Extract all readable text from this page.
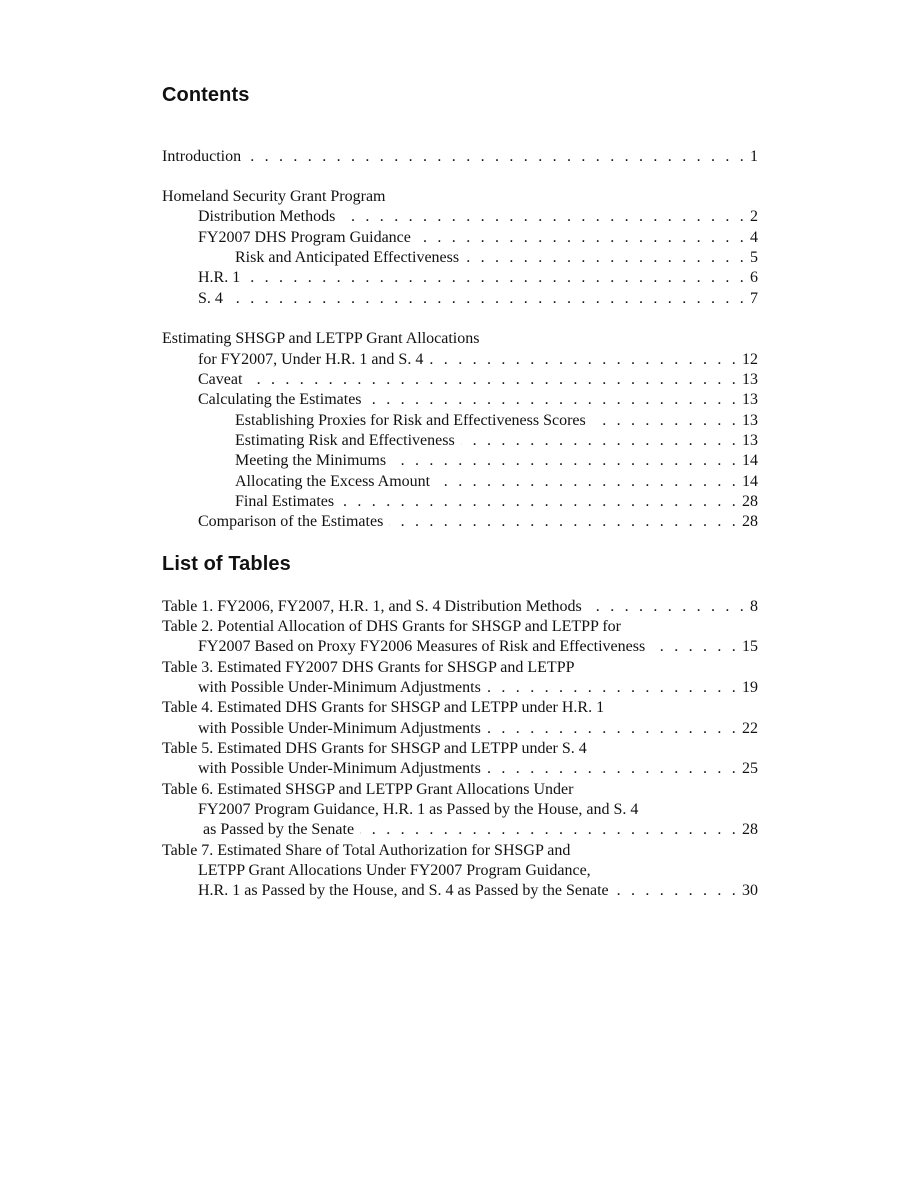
Contents
Introduction . . .	1
Homeland Security Grant Program
Distribution Methods . . .	2
FY2007 DHS Program Guidance . . .	4
Risk and Anticipated Effectiveness . . .	5
H.R. 1 . . .	6
S. 4 . . .	7
Estimating SHSGP and LETPP Grant Allocations
for FY2007, Under H.R. 1 and S. 4 . . .	12
Caveat . . .	13
Calculating the Estimates . . .	13
Establishing Proxies for Risk and Effectiveness Scores . . .	13
Estimating Risk and Effectiveness . . .	13
Meeting the Minimums . . .	14
Allocating the Excess Amount . . .	14
Final Estimates . . .	28
Comparison of the Estimates . . .	28
List of Tables
Table 1. FY2006, FY2007, H.R. 1, and S. 4 Distribution Methods . . .	8
Table 2. Potential Allocation of DHS Grants for SHSGP and LETPP for
FY2007 Based on Proxy FY2006 Measures of Risk and Effectiveness . . .	15
Table 3. Estimated FY2007 DHS Grants for SHSGP and LETPP
with Possible Under-Minimum Adjustments . . .	19
Table 4. Estimated DHS Grants for SHSGP and LETPP under H.R. 1
with Possible Under-Minimum Adjustments . . .	22
Table 5. Estimated DHS Grants for SHSGP and LETPP under S. 4
with Possible Under-Minimum Adjustments . . .	25
Table 6. Estimated SHSGP and LETPP Grant Allocations Under
FY2007 Program Guidance, H.R. 1 as Passed by the House, and S. 4
as Passed by the Senate . . .	28
Table 7. Estimated Share of Total Authorization for SHSGP and
LETPP Grant Allocations Under FY2007 Program Guidance,
H.R. 1 as Passed by the House, and S. 4 as Passed by the Senate . . .	30
